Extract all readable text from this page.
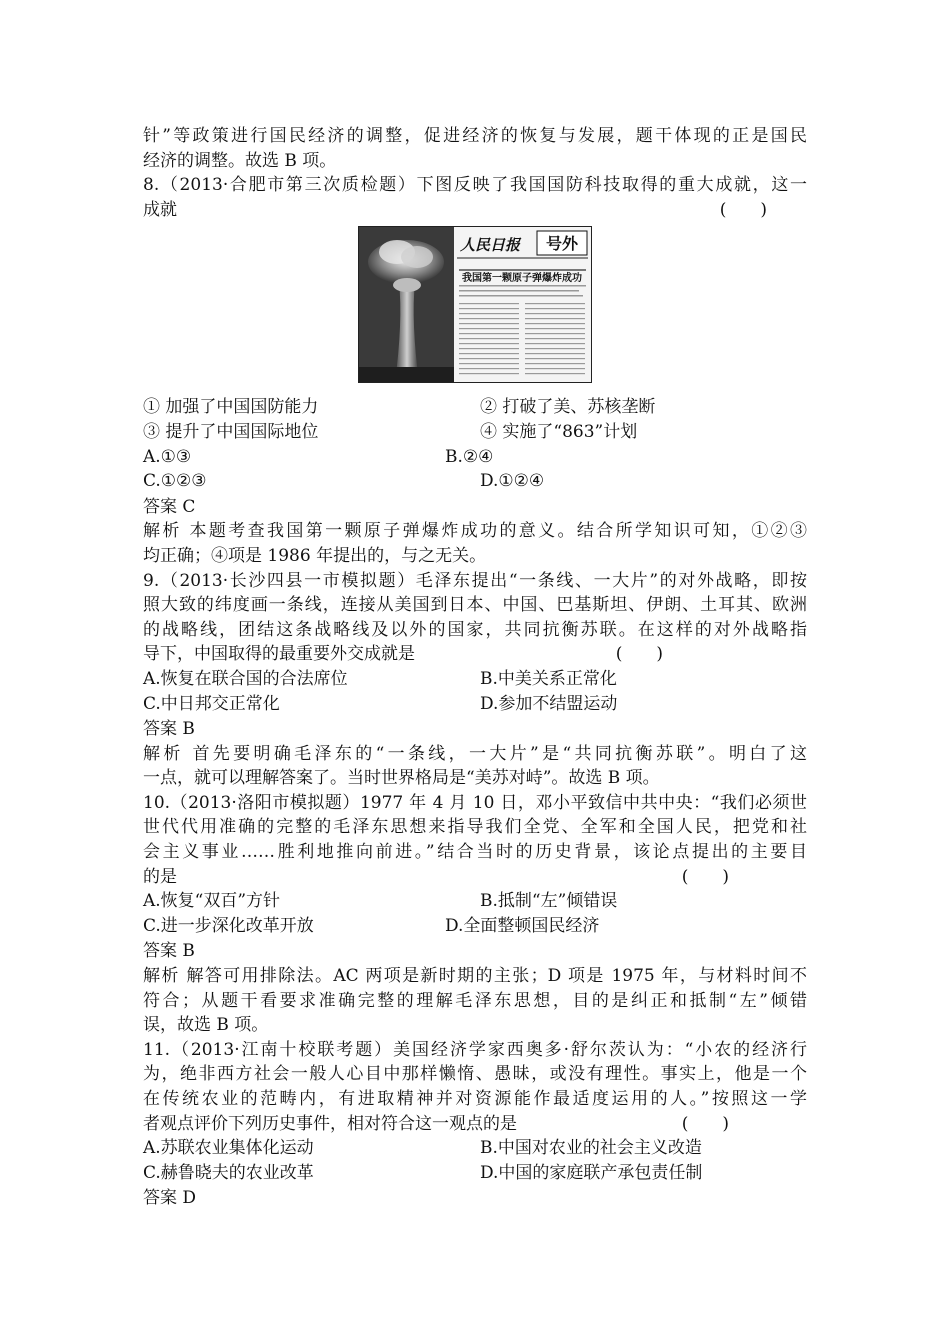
针”等政策进行国民经济的调整，促进经济的恢复与发展，题干体现的正是国民
经济的调整。故选 B 项。
8.（2013·合肥市第三次质检题）下图反映了我国国防科技取得的重大成就，这一
成就	(　　)
人民日报 号外
我国第一颗原子弹爆炸成功
① 加强了中国国防能力	② 打破了美、苏核垄断
③ 提升了中国国际地位	④ 实施了“863”计划
A.①③	B.②④
C.①②③	D.①②④
答案 C
解析 本题考查我国第一颗原子弹爆炸成功的意义。结合所学知识可知，①②③
均正确；④项是 1986 年提出的，与之无关。
9.（2013·长沙四县一市模拟题）毛泽东提出“一条线、一大片”的对外战略，即按
照大致的纬度画一条线，连接从美国到日本、中国、巴基斯坦、伊朗、土耳其、欧洲
的战略线，团结这条战略线及以外的国家，共同抗衡苏联。在这样的对外战略指
导下，中国取得的最重要外交成就是	(　　)
A.恢复在联合国的合法席位	B.中美关系正常化
C.中日邦交正常化	D.参加不结盟运动
答案 B
解析 首先要明确毛泽东的“一条线，一大片”是“共同抗衡苏联”。明白了这
一点，就可以理解答案了。当时世界格局是“美苏对峙”。故选 B 项。
10.（2013·洛阳市模拟题）1977 年 4 月 10 日，邓小平致信中共中央：“我们必须世
世代代用准确的完整的毛泽东思想来指导我们全党、全军和全国人民，把党和社
会主义事业……胜利地推向前进。”结合当时的历史背景，该论点提出的主要目
的是	(　　)
A.恢复“双百”方针	B.抵制“左”倾错误
C.进一步深化改革开放	D.全面整顿国民经济
答案 B
解析 解答可用排除法。AC 两项是新时期的主张；D 项是 1975 年，与材料时间不
符合；从题干看要求准确完整的理解毛泽东思想，目的是纠正和抵制“左”倾错
误，故选 B 项。
11.（2013·江南十校联考题）美国经济学家西奥多·舒尔茨认为：“小农的经济行
为，绝非西方社会一般人心目中那样懒惰、愚昧，或没有理性。事实上，他是一个
在传统农业的范畴内，有进取精神并对资源能作最适度运用的人。”按照这一学
者观点评价下列历史事件，相对符合这一观点的是	(　　)
A.苏联农业集体化运动	B.中国对农业的社会主义改造
C.赫鲁晓夫的农业改革	D.中国的家庭联产承包责任制
答案 D
